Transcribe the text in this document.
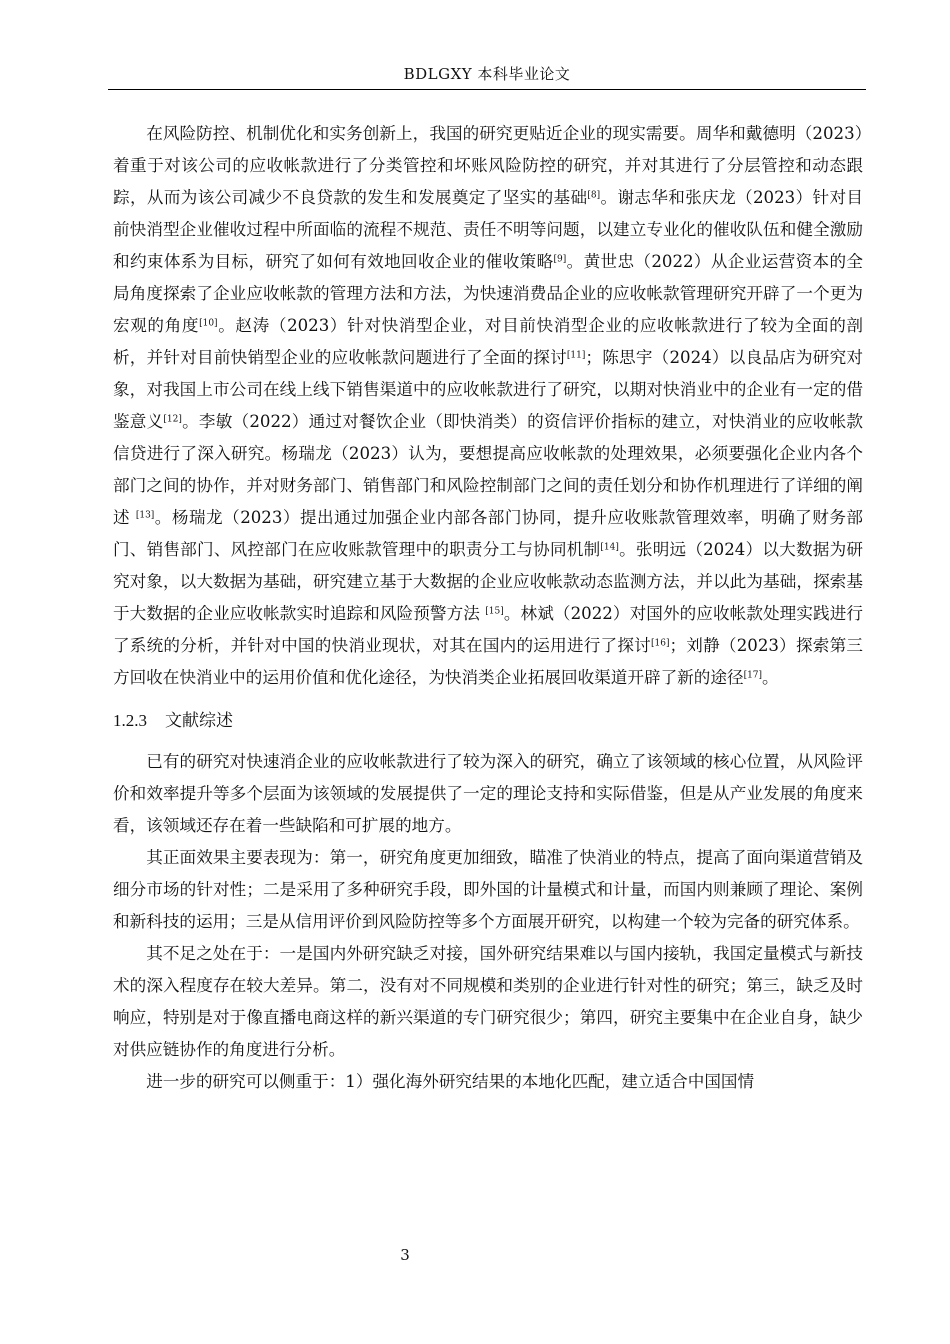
BDLGXY 本科毕业论文

在风险防控、机制优化和实务创新上，我国的研究更贴近企业的现实需要。周华和戴德明（2023）着重于对该公司的应收帐款进行了分类管控和坏账风险防控的研究，并对其进行了分层管控和动态跟踪，从而为该公司减少不良贷款的发生和发展奠定了坚实的基础[8]。谢志华和张庆龙（2023）针对目前快消型企业催收过程中所面临的流程不规范、责任不明等问题，以建立专业化的催收队伍和健全激励和约束体系为目标，研究了如何有效地回收企业的催收策略[9]。黄世忠（2022）从企业运营资本的全局角度探索了企业应收帐款的管理方法和方法，为快速消费品企业的应收帐款管理研究开辟了一个更为宏观的角度[10]。赵涛（2023）针对快消型企业，对目前快消型企业的应收帐款进行了较为全面的剖析，并针对目前快销型企业的应收帐款问题进行了全面的探讨[11]；陈思宇（2024）以良品店为研究对象，对我国上市公司在线上线下销售渠道中的应收帐款进行了研究，以期对快消业中的企业有一定的借鉴意义[12]。李敏（2022）通过对餐饮企业（即快消类）的资信评价指标的建立，对快消业的应收帐款信贷进行了深入研究。杨瑞龙（2023）认为，要想提高应收帐款的处理效果，必须要强化企业内各个部门之间的协作，并对财务部门、销售部门和风险控制部门之间的责任划分和协作机理进行了详细的阐述 [13]。杨瑞龙（2023）提出通过加强企业内部各部门协同，提升应收账款管理效率，明确了财务部门、销售部门、风控部门在应收账款管理中的职责分工与协同机制[14]。张明远（2024）以大数据为研究对象，以大数据为基础，研究建立基于大数据的企业应收帐款动态监测方法，并以此为基础，探索基于大数据的企业应收帐款实时追踪和风险预警方法 [15]。林斌（2022）对国外的应收帐款处理实践进行了系统的分析，并针对中国的快消业现状，对其在国内的运用进行了探讨[16]；刘静（2023）探索第三方回收在快消业中的运用价值和优化途径，为快消类企业拓展回收渠道开辟了新的途径[17]。

1.2.3 文献综述

已有的研究对快速消企业的应收帐款进行了较为深入的研究，确立了该领域的核心位置，从风险评价和效率提升等多个层面为该领域的发展提供了一定的理论支持和实际借鉴，但是从产业发展的角度来看，该领域还存在着一些缺陷和可扩展的地方。

其正面效果主要表现为：第一，研究角度更加细致，瞄准了快消业的特点，提高了面向渠道营销及细分市场的针对性；二是采用了多种研究手段，即外国的计量模式和计量，而国内则兼顾了理论、案例和新科技的运用；三是从信用评价到风险防控等多个方面展开研究，以构建一个较为完备的研究体系。

其不足之处在于：一是国内外研究缺乏对接，国外研究结果难以与国内接轨，我国定量模式与新技术的深入程度存在较大差异。第二，没有对不同规模和类别的企业进行针对性的研究；第三，缺乏及时响应，特别是对于像直播电商这样的新兴渠道的专门研究很少；第四，研究主要集中在企业自身，缺少对供应链协作的角度进行分析。

进一步的研究可以侧重于：1）强化海外研究结果的本地化匹配，建立适合中国国情

3
